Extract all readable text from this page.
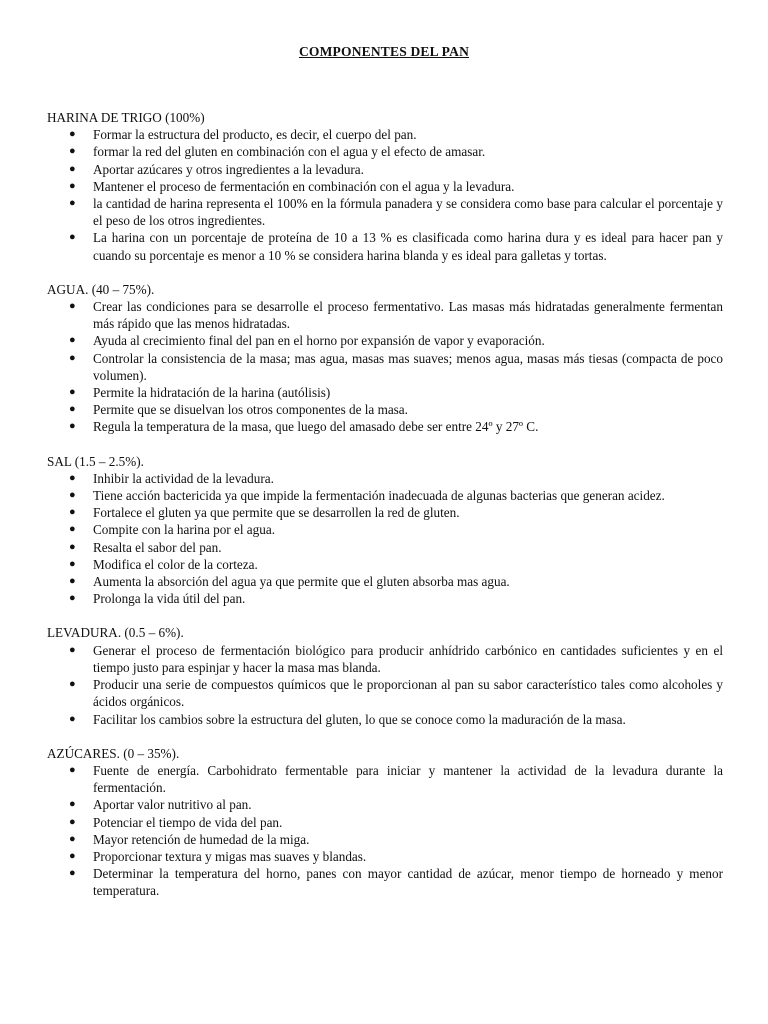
COMPONENTES DEL PAN
HARINA DE TRIGO (100%)
● Formar la estructura del producto, es decir, el cuerpo del pan.
● formar la red del gluten en combinación con el agua y el efecto de amasar.
● Aportar azúcares y otros ingredientes a la levadura.
● Mantener el proceso de fermentación en combinación con el agua y la levadura.
● la cantidad de harina representa el 100% en la fórmula panadera y se considera como base para calcular el porcentaje y el peso de los otros ingredientes.
● La harina con un porcentaje de proteína de 10 a 13 % es clasificada como harina dura y es ideal para hacer pan y cuando su porcentaje es menor a 10 % se considera harina blanda y es ideal para galletas y tortas.
AGUA. (40 – 75%).
● Crear las condiciones para se desarrolle el proceso fermentativo. Las masas más hidratadas generalmente fermentan más rápido que las menos hidratadas.
● Ayuda al crecimiento final del pan en el horno por expansión de vapor y evaporación.
● Controlar la consistencia de la masa; mas agua, masas mas suaves; menos agua, masas más tiesas (compacta de poco volumen).
● Permite la hidratación de la harina (autólisis)
● Permite que se disuelvan los otros componentes de la masa.
● Regula la temperatura de la masa, que luego del amasado debe ser entre 24º y 27º C.
SAL (1.5 – 2.5%).
● Inhibir la actividad de la levadura.
● Tiene acción bactericida ya que impide la fermentación inadecuada de algunas bacterias que generan acidez.
● Fortalece el gluten ya que permite que se desarrollen la red de gluten.
● Compite con la harina por el agua.
● Resalta el sabor del pan.
● Modifica el color de la corteza.
● Aumenta la absorción del agua ya que permite que el gluten absorba mas agua.
● Prolonga la vida útil del pan.
LEVADURA. (0.5 – 6%).
● Generar el proceso de fermentación biológico para producir anhídrido carbónico en cantidades suficientes y en el tiempo justo para espinjar y hacer la masa mas blanda.
● Producir una serie de compuestos químicos que le proporcionan al pan su sabor característico tales como alcoholes y ácidos orgánicos.
● Facilitar los cambios sobre la estructura del gluten, lo que se conoce como la maduración de la masa.
AZÚCARES. (0 – 35%).
● Fuente de energía. Carbohidrato fermentable para iniciar y mantener la actividad de la levadura durante la fermentación.
● Aportar valor nutritivo al pan.
● Potenciar el tiempo de vida del pan.
● Mayor retención de humedad de la miga.
● Proporcionar textura y migas mas suaves y blandas.
● Determinar la temperatura del horno, panes con mayor cantidad de azúcar, menor tiempo de horneado y menor temperatura.
